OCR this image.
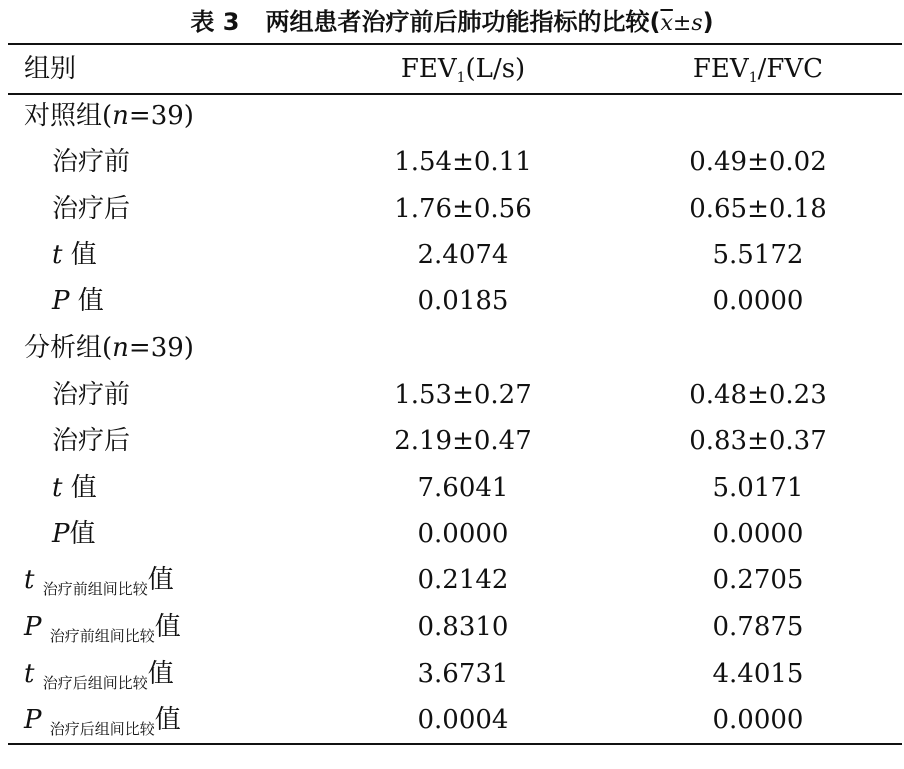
表 3 两组患者治疗前后肺功能指标的比较$(\overline{x}\pm s)$
组别	$FEV_1(L/s)$	$FEV_1$/FVC
对照组(n=39)
治疗前	1.54±0.11	0.49±0.02
治疗后	1.76±0.56	0.65±0.18
t 值	2.4074	5.5172
P 值	0.0185	0.0000
分析组(n=39)
治疗前	1.53±0.27	0.48±0.23
治疗后	2.19±0.47	0.83±0.37
t 值	7.6041	5.0171
P值	0.0000	0.0000
t $_{治疗前组间比较}$值	0.2142	0.2705
P $_{治疗前组间比较}$值	0.8310	0.7875
t $_{治疗后组间比较}$值	3.6731	4.4015
P $_{治疗后组间比较}$值	0.0004	0.0000
